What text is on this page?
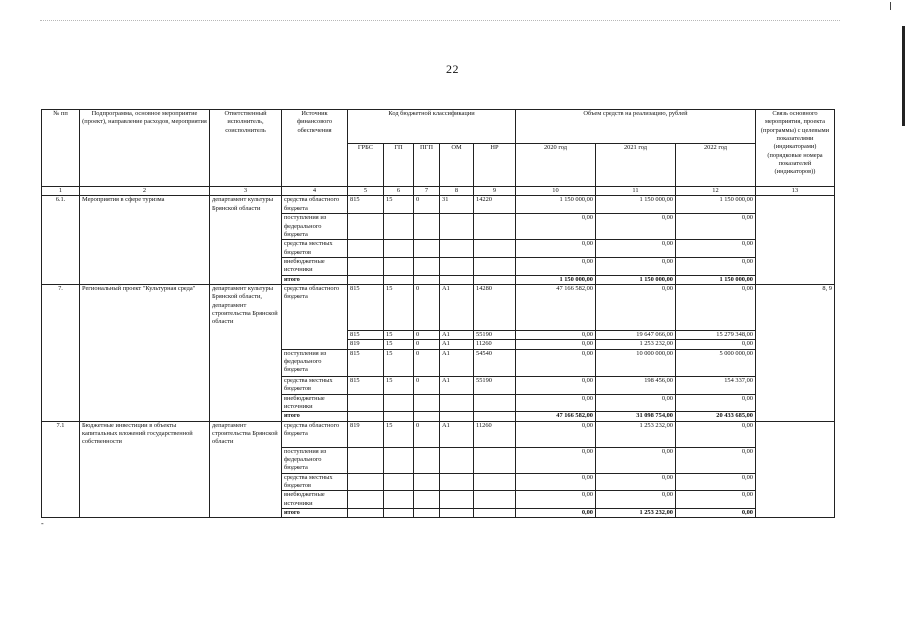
22
№ пп	Подпрограмма, основное мероприятие (проект), направление расходов, мероприятия	Ответственный исполнитель, соисполнитель	Источник финансового обеспечения	Код бюджетной классификации					Объем средств на реализацию, рублей			Связь основного мероприятия, проекта (программы) с целевыми показателями (индикаторами) (порядковые номера показателей (индикаторов))
				ГРБС	ГП	ПГП	ОМ	НР	2020 год	2021 год	2022 год	
1	2	3	4	5	6	7	8	9	10	11	12	13
6.1.	Мероприятия в сфере туризма	департамент культуры Брянской области	средства областного бюджета	815	15	0	31	14220	1 150 000,00	1 150 000,00	1 150 000,00	
			поступления из федерального бюджета						0,00	0,00	0,00	
			средства местных бюджетов						0,00	0,00	0,00	
			внебюджетные источники						0,00	0,00	0,00	
			итого						1 150 000,00	1 150 000,00	1 150 000,00	
7.	Региональный проект "Культурная среда"	департамент культуры Брянской области, департамент строительства Брянской области	средства областного бюджета	815	15	0	A1	14280	47 166 582,00	0,00	0,00	8, 9
				815	15	0	A1	55190	0,00	19 647 066,00	15 279 348,00	
				819	15	0	A1	11260	0,00	1 253 232,00	0,00	
			поступления из федерального бюджета	815	15	0	A1	54540	0,00	10 000 000,00	5 000 000,00	
			средства местных бюджетов	815	15	0	A1	55190	0,00	198 456,00	154 337,00	
			внебюджетные источники						0,00	0,00	0,00	
			итого						47 166 582,00	31 098 754,00	20 433 685,00	
7.1	Бюджетные инвестиции в объекты капитальных вложений государственной собственности	департамент строительства Брянской области	средства областного бюджета	819	15	0	A1	11260	0,00	1 253 232,00	0,00	
			поступления из федерального бюджета						0,00	0,00	0,00	
			средства местных бюджетов						0,00	0,00	0,00	
			внебюджетные источники						0,00	0,00	0,00	
			итого						0,00	1 253 232,00	0,00	
-
